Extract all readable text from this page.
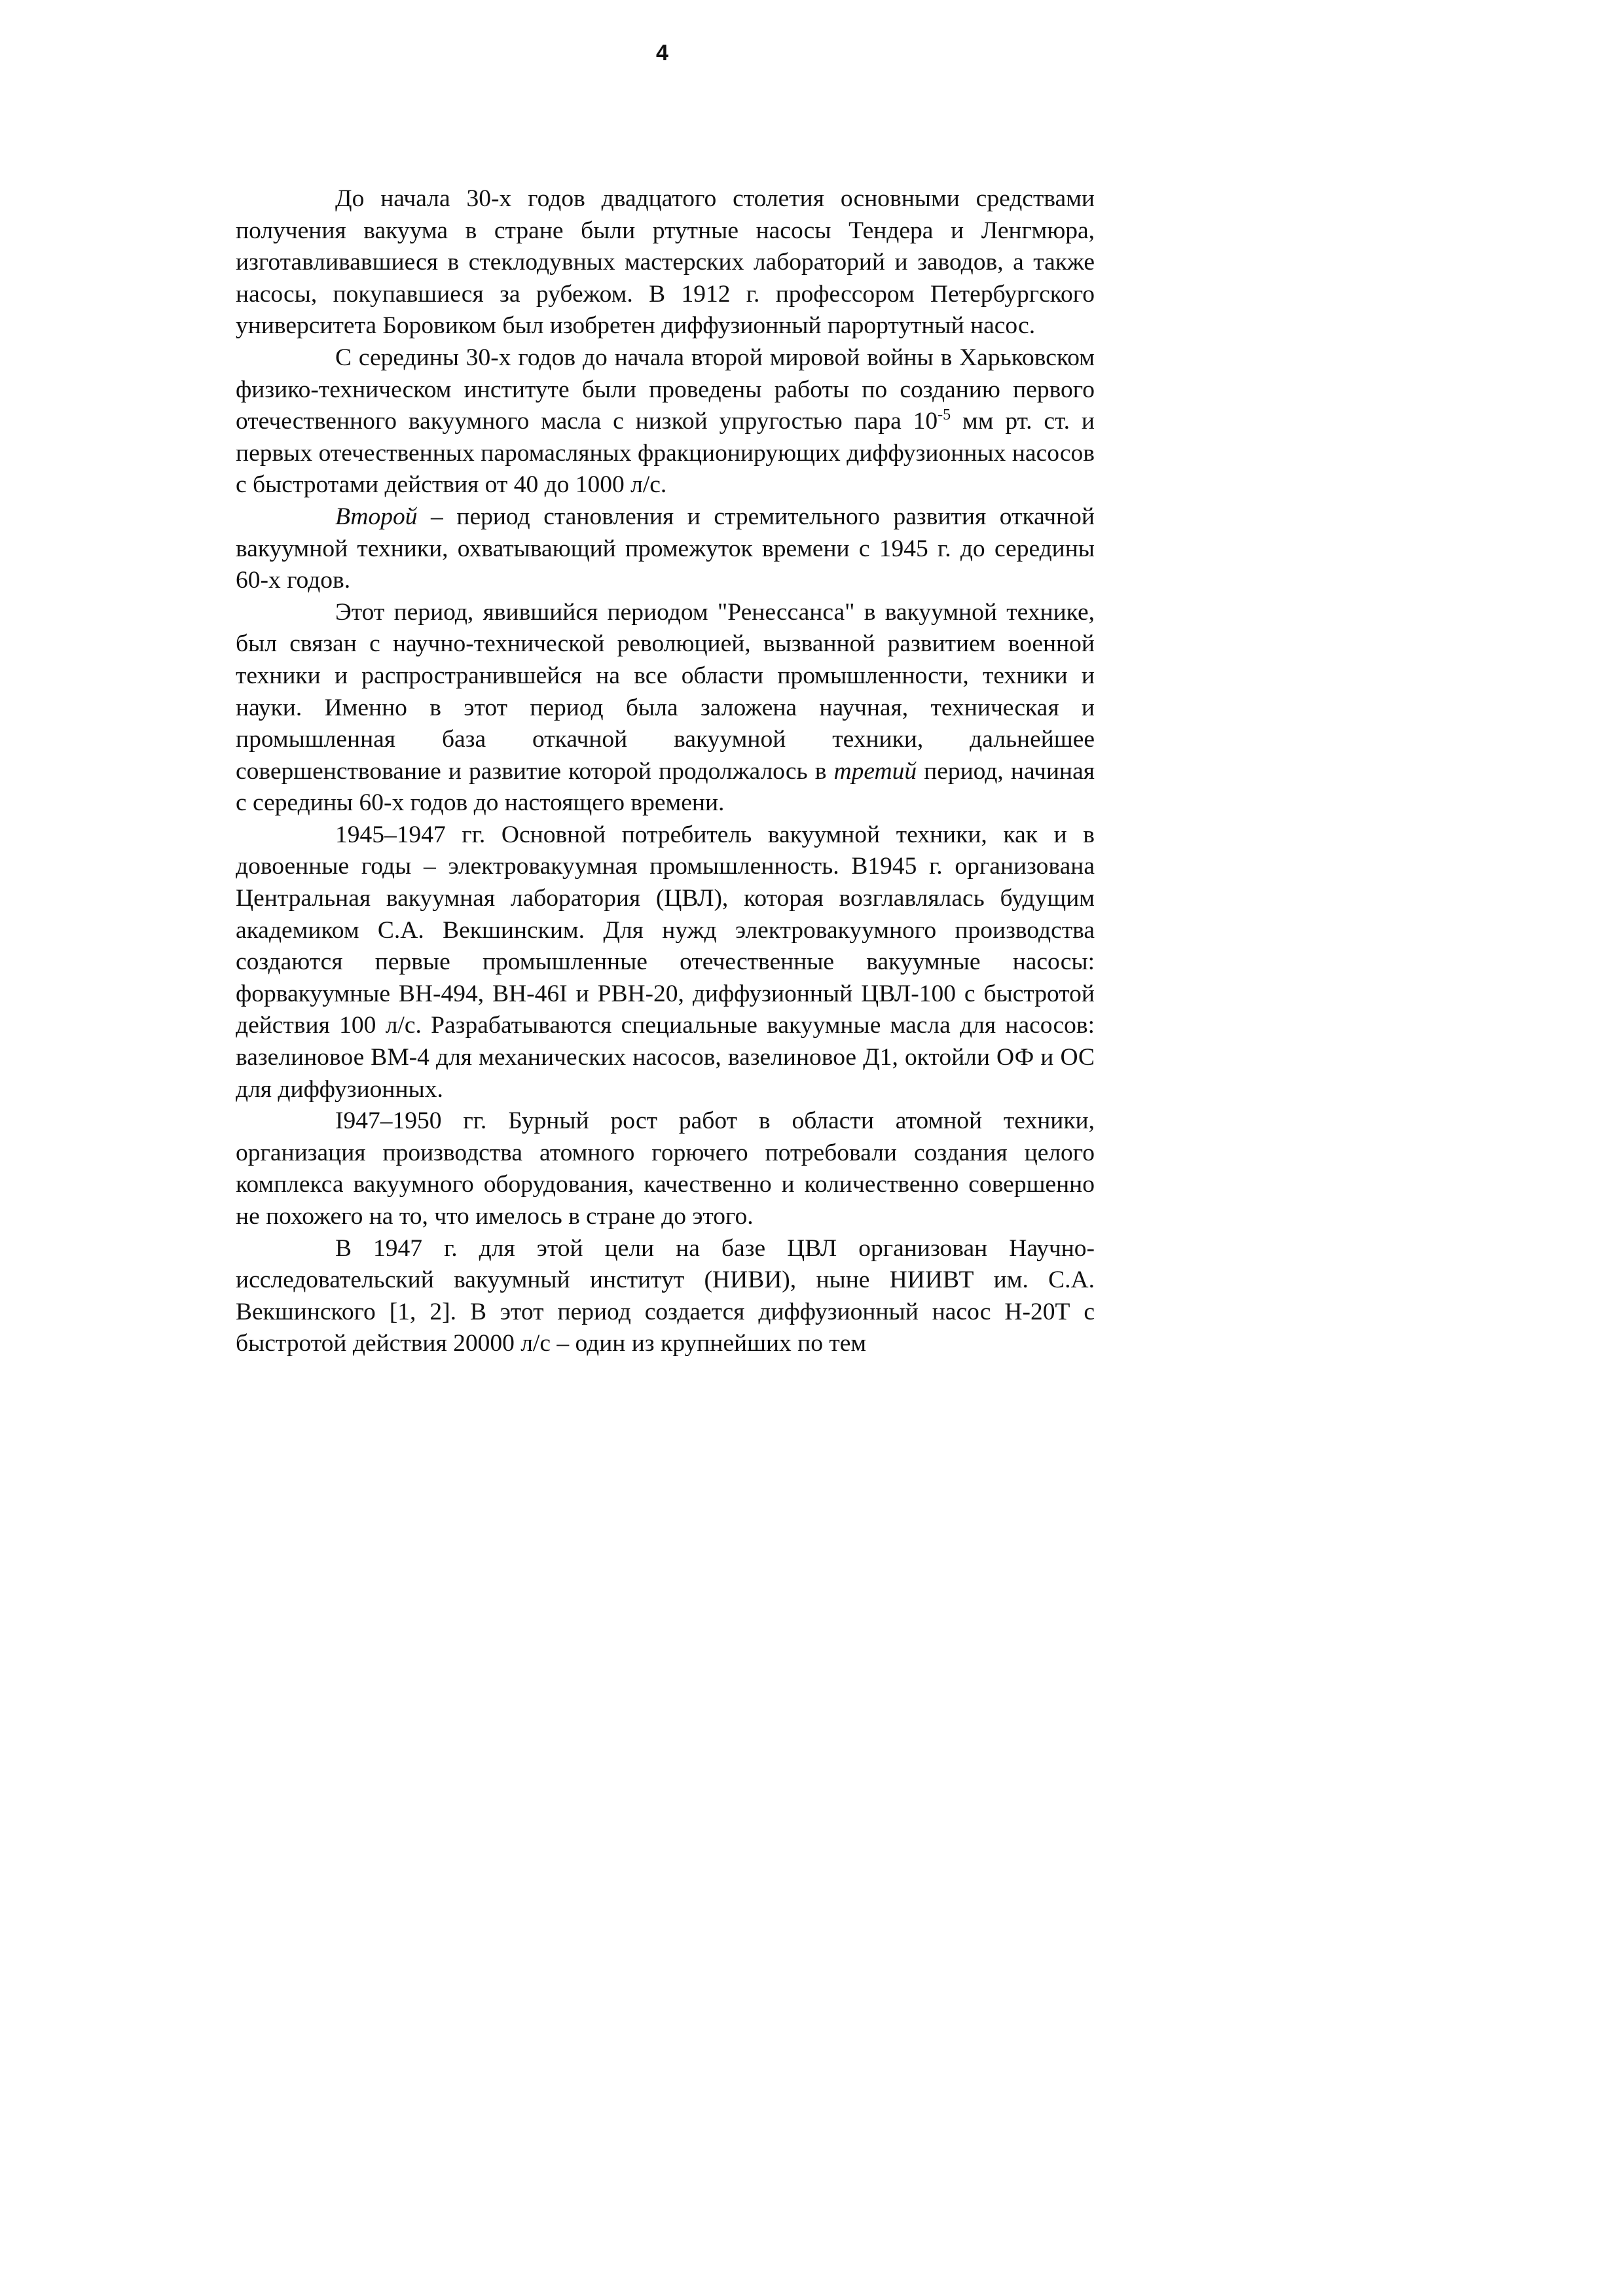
4

До начала 30-х годов двадцатого столетия основными средствами получения вакуума в стране были ртутные насосы Тендера и Ленгмюра, изготавливавшиеся в стеклодувных мастерских лабораторий и заводов, а также насосы, покупавшиеся за рубежом. В 1912 г. профессором Петербургского университета Боровиком был изобретен диффузионный парортутный насос.

С середины 30-х годов до начала второй мировой войны в Харьковском физико-техническом институте были проведены работы по созданию первого отечественного вакуумного масла с низкой упругостью пара $10^{-5}$ мм рт. ст. и первых отечественных паромасляных фракционирующих диффузионных насосов с быстротами действия от 40 до 1000 л/с.

Второй – период становления и стремительного развития откачной вакуумной техники, охватывающий промежуток времени с 1945 г. до середины 60-х годов.

Этот период, явившийся периодом "Ренессанса" в вакуумной технике, был связан с научно-технической революцией, вызванной развитием военной техники и распространившейся на все области промышленности, техники и науки. Именно в этот период была заложена научная, техническая и промышленная база откачной вакуумной техники, дальнейшее совершенствование и развитие которой продолжалось в третий период, начиная с середины 60-х годов до настоящего времени.

1945–1947 гг. Основной потребитель вакуумной техники, как и в довоенные годы – электровакуумная промышленность. В1945 г. организована Центральная вакуумная лаборатория (ЦВЛ), которая возглавлялась будущим академиком С.А. Векшинским. Для нужд электровакуумного производства создаются первые промышленные отечественные вакуумные насосы: форвакуумные ВН-494, ВН-46I и РВН-20, диффузионный ЦВЛ-100 с быстротой действия 100 л/с. Разрабатываются специальные вакуумные масла для насосов: вазелиновое ВМ-4 для механических насосов, вазелиновое Д1, октойли ОФ и ОС для диффузионных.

I947–1950 гг. Бурный рост работ в области атомной техники, организация производства атомного горючего потребовали создания целого комплекса вакуумного оборудования, качественно и количественно совершенно не похожего на то, что имелось в стране до этого.

В 1947 г. для этой цели на базе ЦВЛ организован Научно-исследовательский вакуумный институт (НИВИ), ныне НИИВТ им. С.А. Векшинского [1, 2]. В этот период создается диффузионный насос Н-20Т с быстротой действия 20000 л/с – один из крупнейших по тем
